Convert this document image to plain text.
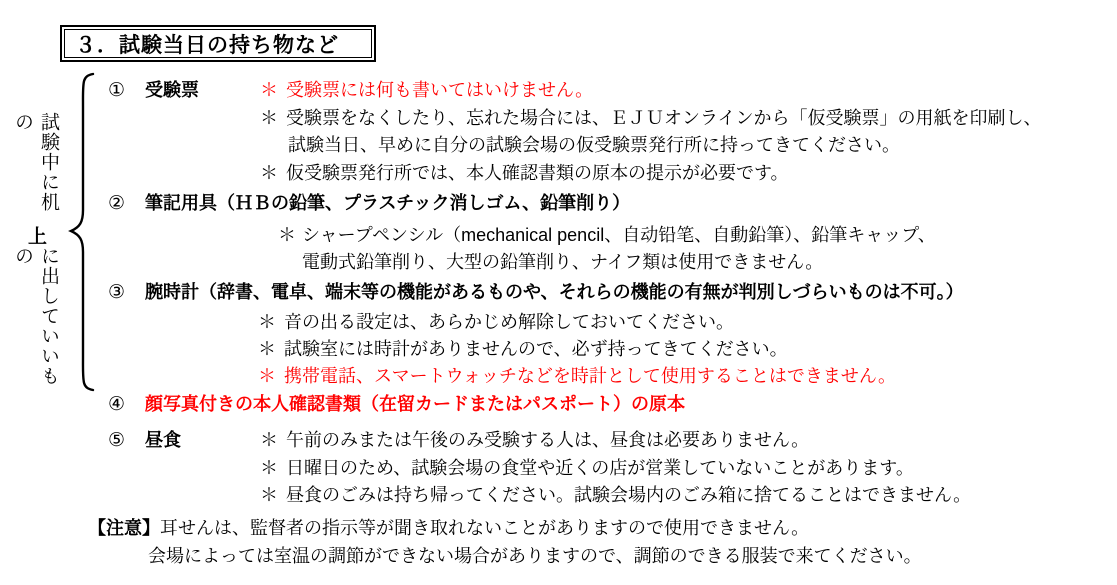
３．試験当日の持ち物など
試験中に机の
上
に出していいもの
① 受験票	＊ 受験票には何も書いてはいけません。
＊ 受験票をなくしたり、忘れた場合には、ＥＪＵオンラインから「仮受験票」の用紙を印刷し、
試験当日、早めに自分の試験会場の仮受験票発行所に持ってきてください。
＊ 仮受験票発行所では、本人確認書類の原本の提示が必要です。
② 筆記用具（ＨＢの鉛筆、プラスチック消しゴム、鉛筆削り）
＊ シャープペンシル（mechanical pencil、自动铅笔、自動鉛筆）、鉛筆キャップ、
電動式鉛筆削り、大型の鉛筆削り、ナイフ類は使用できません。
③ 腕時計（辞書、電卓、端末等の機能があるものや、それらの機能の有無が判別しづらいものは不可。）
＊ 音の出る設定は、あらかじめ解除しておいてください。
＊ 試験室には時計がありませんので、必ず持ってきてください。
＊ 携帯電話、スマートウォッチなどを時計として使用することはできません。
④ 顔写真付きの本人確認書類（在留カードまたはパスポート）の原本
⑤ 昼食	＊ 午前のみまたは午後のみ受験する人は、昼食は必要ありません。
＊ 日曜日のため、試験会場の食堂や近くの店が営業していないことがあります。
＊ 昼食のごみは持ち帰ってください。試験会場内のごみ箱に捨てることはできません。
【注意】耳せんは、監督者の指示等が聞き取れないことがありますので使用できません。
会場によっては室温の調節ができない場合がありますので、調節のできる服装で来てください。
